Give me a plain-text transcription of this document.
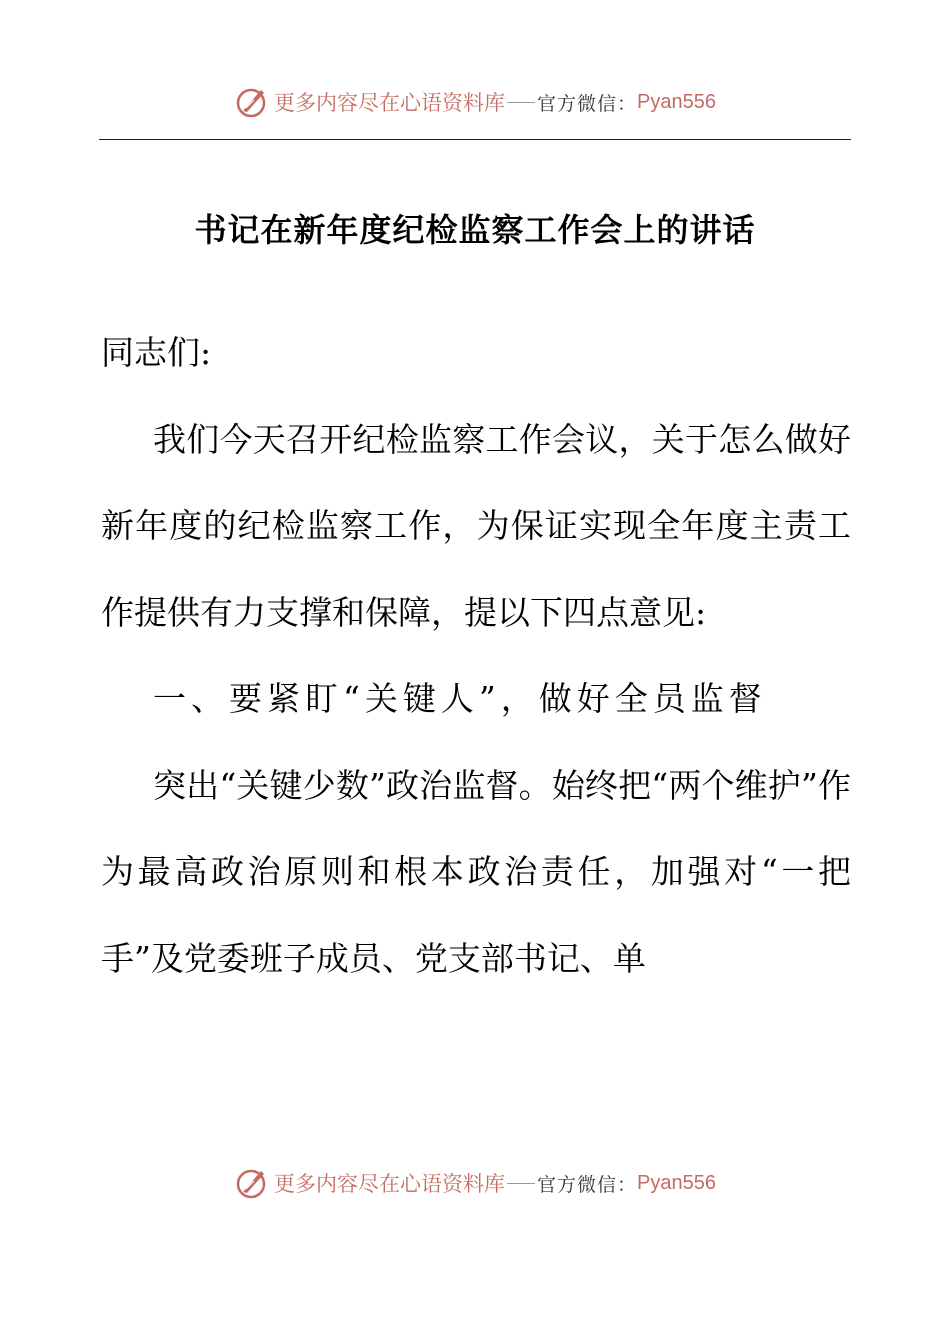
更多内容尽在心语资料库 官方微信： Pyan556
书记在新年度纪检监察工作会上的讲话

同志们:

我们今天召开纪检监察工作会议，关于怎么做好新年度的纪检监察工作，为保证实现全年度主责工作提供有力支撑和保障，提以下四点意见:

一、要紧盯“关键人”，做好全员监督

突出“关键少数”政治监督。始终把“两个维护”作为最高政治原则和根本政治责任，加强对“一把手”及党委班子成员、党支部书记、单

更多内容尽在心语资料库 官方微信： Pyan556
